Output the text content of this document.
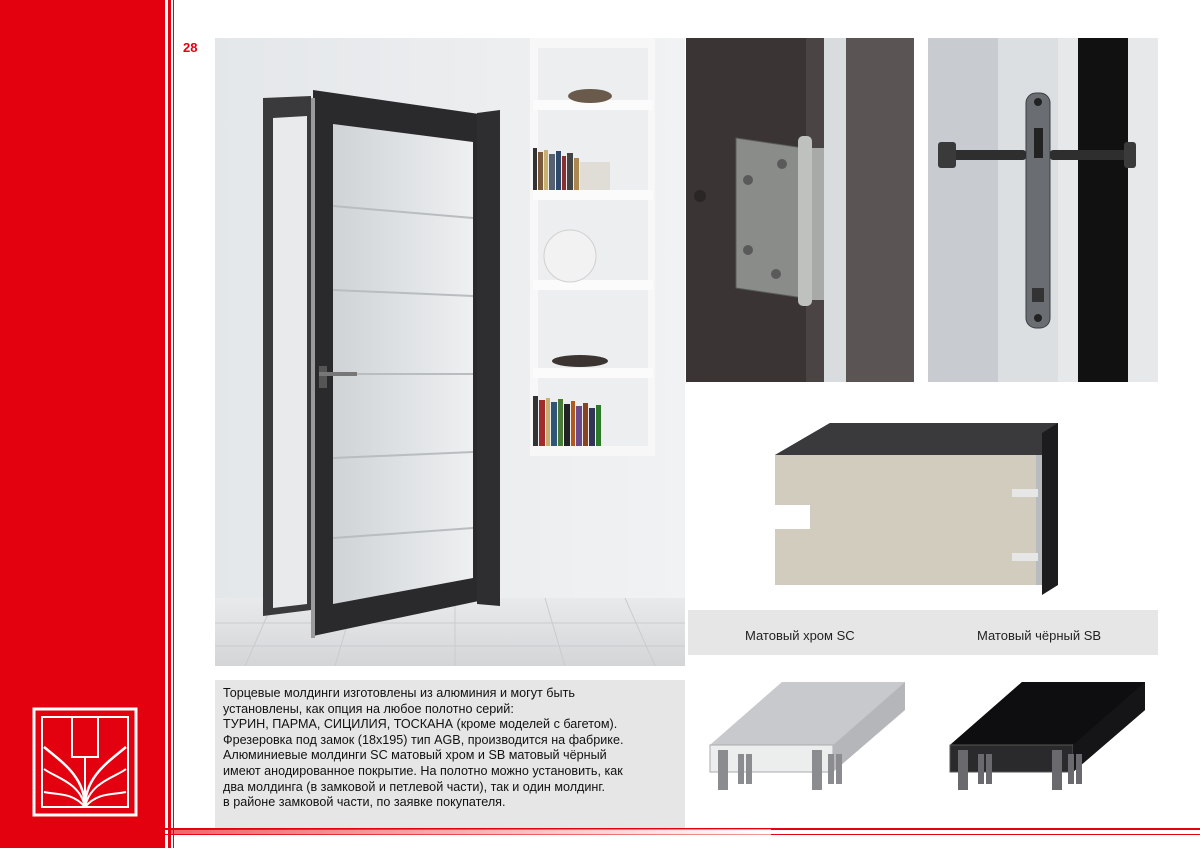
28
Матовый хром SC	Матовый чёрный SB

Торцевые молдинги изготовлены из алюминия и могут быть

установлены, как опция на любое полотно серий:

ТУРИН, ПАРМА, СИЦИЛИЯ, ТОСКАНА (кроме моделей с багетом).

Фрезеровка под замок (18х195) тип AGB, производится на фабрике.

Алюминиевые молдинги SC матовый хром и SB матовый чёрный

имеют анодированное покрытие. На полотно можно установить, как

два молдинга (в замковой и петлевой части), так и один молдинг.

в районе замковой части, по заявке покупателя.
